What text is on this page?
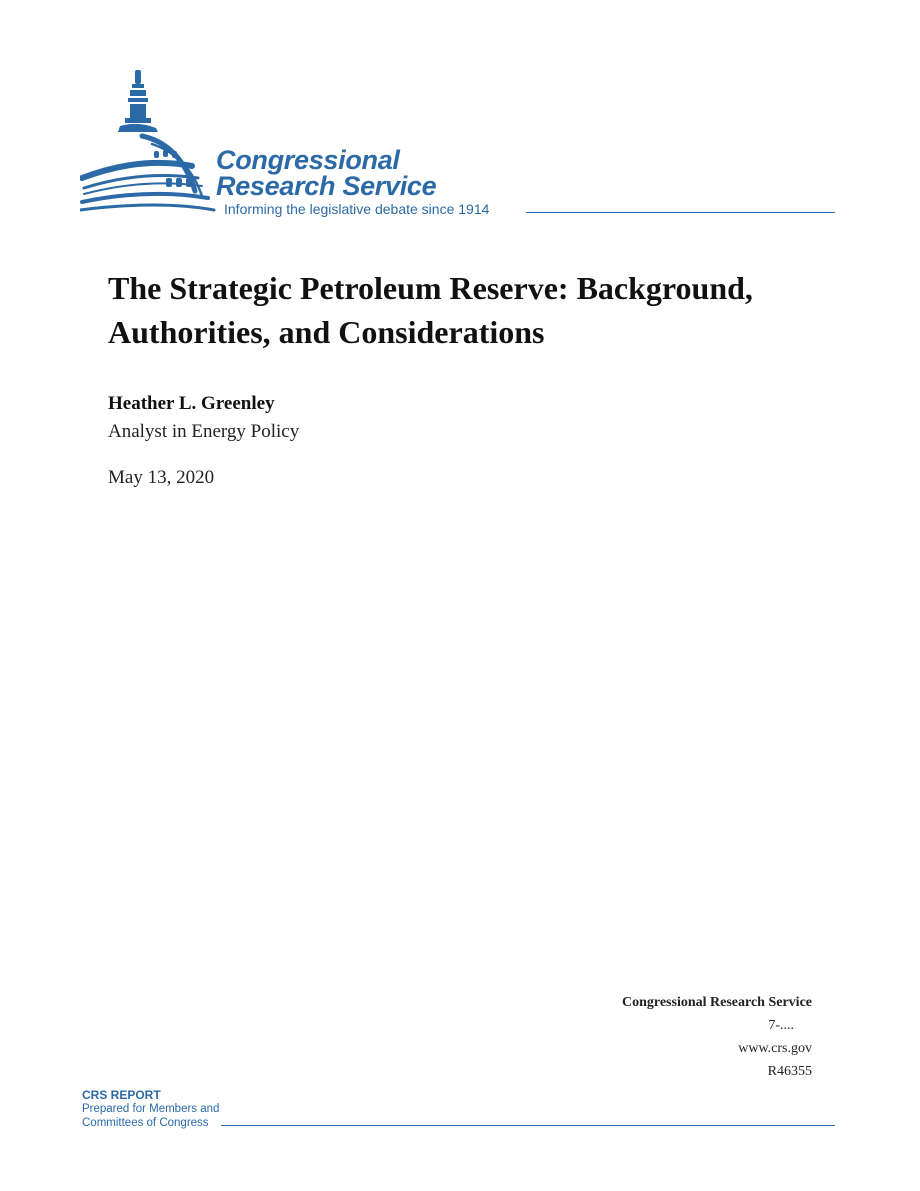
Congressional
Research Service
Informing the legislative debate since 1914
The Strategic Petroleum Reserve: Background, Authorities, and Considerations
Heather L. Greenley
Analyst in Energy Policy
May 13, 2020
Congressional Research Service
7-....
www.crs.gov
R46355
CRS REPORT
Prepared for Members and
Committees of Congress
